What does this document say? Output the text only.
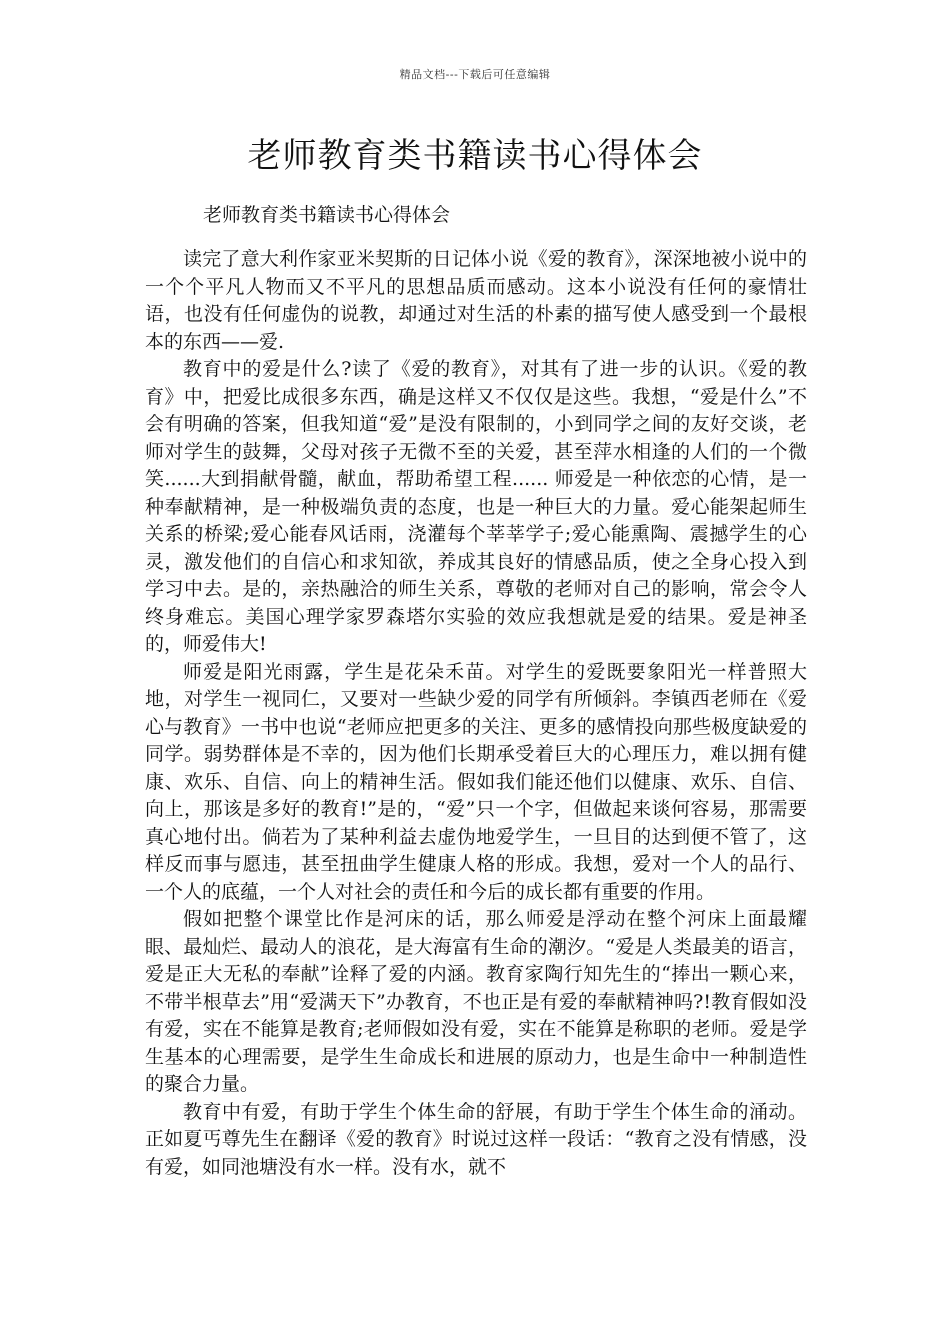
精品文档---下载后可任意编辑
老师教育类书籍读书心得体会
老师教育类书籍读书心得体会

读完了意大利作家亚米契斯的日记体小说《爱的教育》，深深地被小说中的一个个平凡人物而又不平凡的思想品质而感动。这本小说没有任何的豪情壮语，也没有任何虚伪的说教，却通过对生活的朴素的描写使人感受到一个最根本的东西——爱.

教育中的爱是什么?读了《爱的教育》，对其有了进一步的认识。《爱的教育》中，把爱比成很多东西，确是这样又不仅仅是这些。我想，“爱是什么”不会有明确的答案，但我知道“爱”是没有限制的，小到同学之间的友好交谈，老师对学生的鼓舞，父母对孩子无微不至的关爱，甚至萍水相逢的人们的一个微笑......大到捐献骨髓，献血，帮助希望工程...... 师爱是一种依恋的心情，是一种奉献精神，是一种极端负责的态度，也是一种巨大的力量。爱心能架起师生关系的桥梁;爱心能春风话雨，浇灌每个莘莘学子;爱心能熏陶、震撼学生的心灵，激发他们的自信心和求知欲，养成其良好的情感品质，使之全身心投入到学习中去。是的，亲热融洽的师生关系，尊敬的老师对自己的影响，常会令人终身难忘。美国心理学家罗森塔尔实验的效应我想就是爱的结果。爱是神圣的，师爱伟大!

师爱是阳光雨露，学生是花朵禾苗。对学生的爱既要象阳光一样普照大地，对学生一视同仁，又要对一些缺少爱的同学有所倾斜。李镇西老师在《爱心与教育》一书中也说“老师应把更多的关注、更多的感情投向那些极度缺爱的同学。弱势群体是不幸的，因为他们长期承受着巨大的心理压力，难以拥有健康、欢乐、自信、向上的精神生活。假如我们能还他们以健康、欢乐、自信、向上，那该是多好的教育!”是的，“爱”只一个字，但做起来谈何容易，那需要真心地付出。倘若为了某种利益去虚伪地爱学生，一旦目的达到便不管了，这样反而事与愿违，甚至扭曲学生健康人格的形成。我想，爱对一个人的品行、一个人的底蕴，一个人对社会的责任和今后的成长都有重要的作用。

假如把整个课堂比作是河床的话，那么师爱是浮动在整个河床上面最耀眼、最灿烂、最动人的浪花，是大海富有生命的潮汐。“爱是人类最美的语言，爱是正大无私的奉献”诠释了爱的内涵。教育家陶行知先生的“捧出一颗心来，不带半根草去”用“爱满天下”办教育，不也正是有爱的奉献精神吗?!教育假如没有爱，实在不能算是教育;老师假如没有爱，实在不能算是称职的老师。爱是学生基本的心理需要，是学生生命成长和进展的原动力，也是生命中一种制造性的聚合力量。

教育中有爱，有助于学生个体生命的舒展，有助于学生个体生命的涌动。正如夏丐尊先生在翻译《爱的教育》时说过这样一段话：“教育之没有情感，没有爱，如同池塘没有水一样。没有水，就不
